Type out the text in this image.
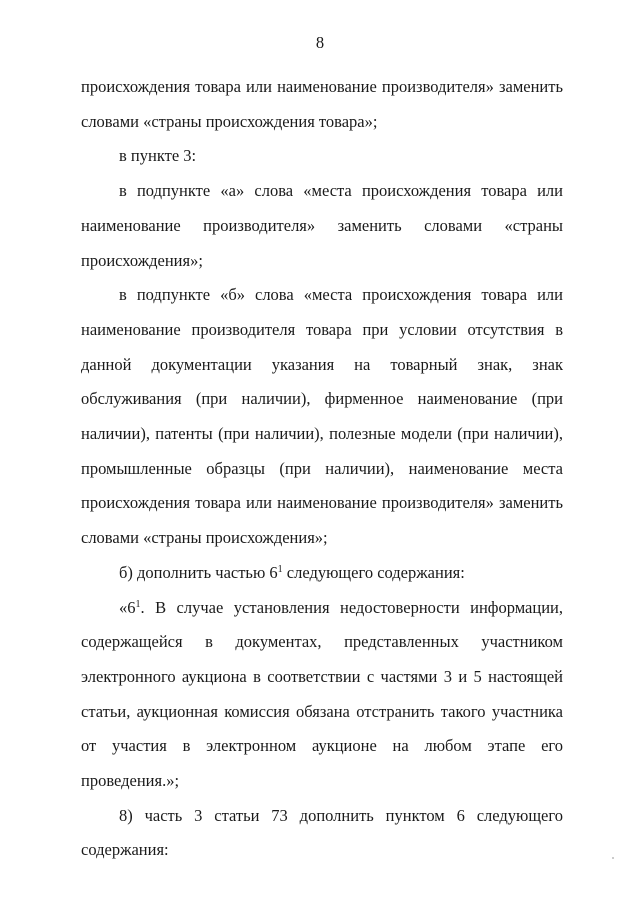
8

происхождения товара или наименование производителя» заменить словами «страны происхождения товара»;

в пункте 3:

в подпункте «а» слова «места происхождения товара или наименование производителя» заменить словами «страны происхождения»;

в подпункте «б» слова «места происхождения товара или наименование производителя товара при условии отсутствия в данной документации указания на товарный знак, знак обслуживания (при наличии), фирменное наименование (при наличии), патенты (при наличии), полезные модели (при наличии), промышленные образцы (при наличии), наименование места происхождения товара или наименование производителя» заменить словами «страны происхождения»;

б) дополнить частью $6^1$ следующего содержания:

«$6^1$. В случае установления недостоверности информации, содержащейся в документах, представленных участником электронного аукциона в соответствии с частями 3 и 5 настоящей статьи, аукционная комиссия обязана отстранить такого участника от участия в электронном аукционе на любом этапе его проведения.»;

8) часть 3 статьи 73 дополнить пунктом 6 следующего содержания:
